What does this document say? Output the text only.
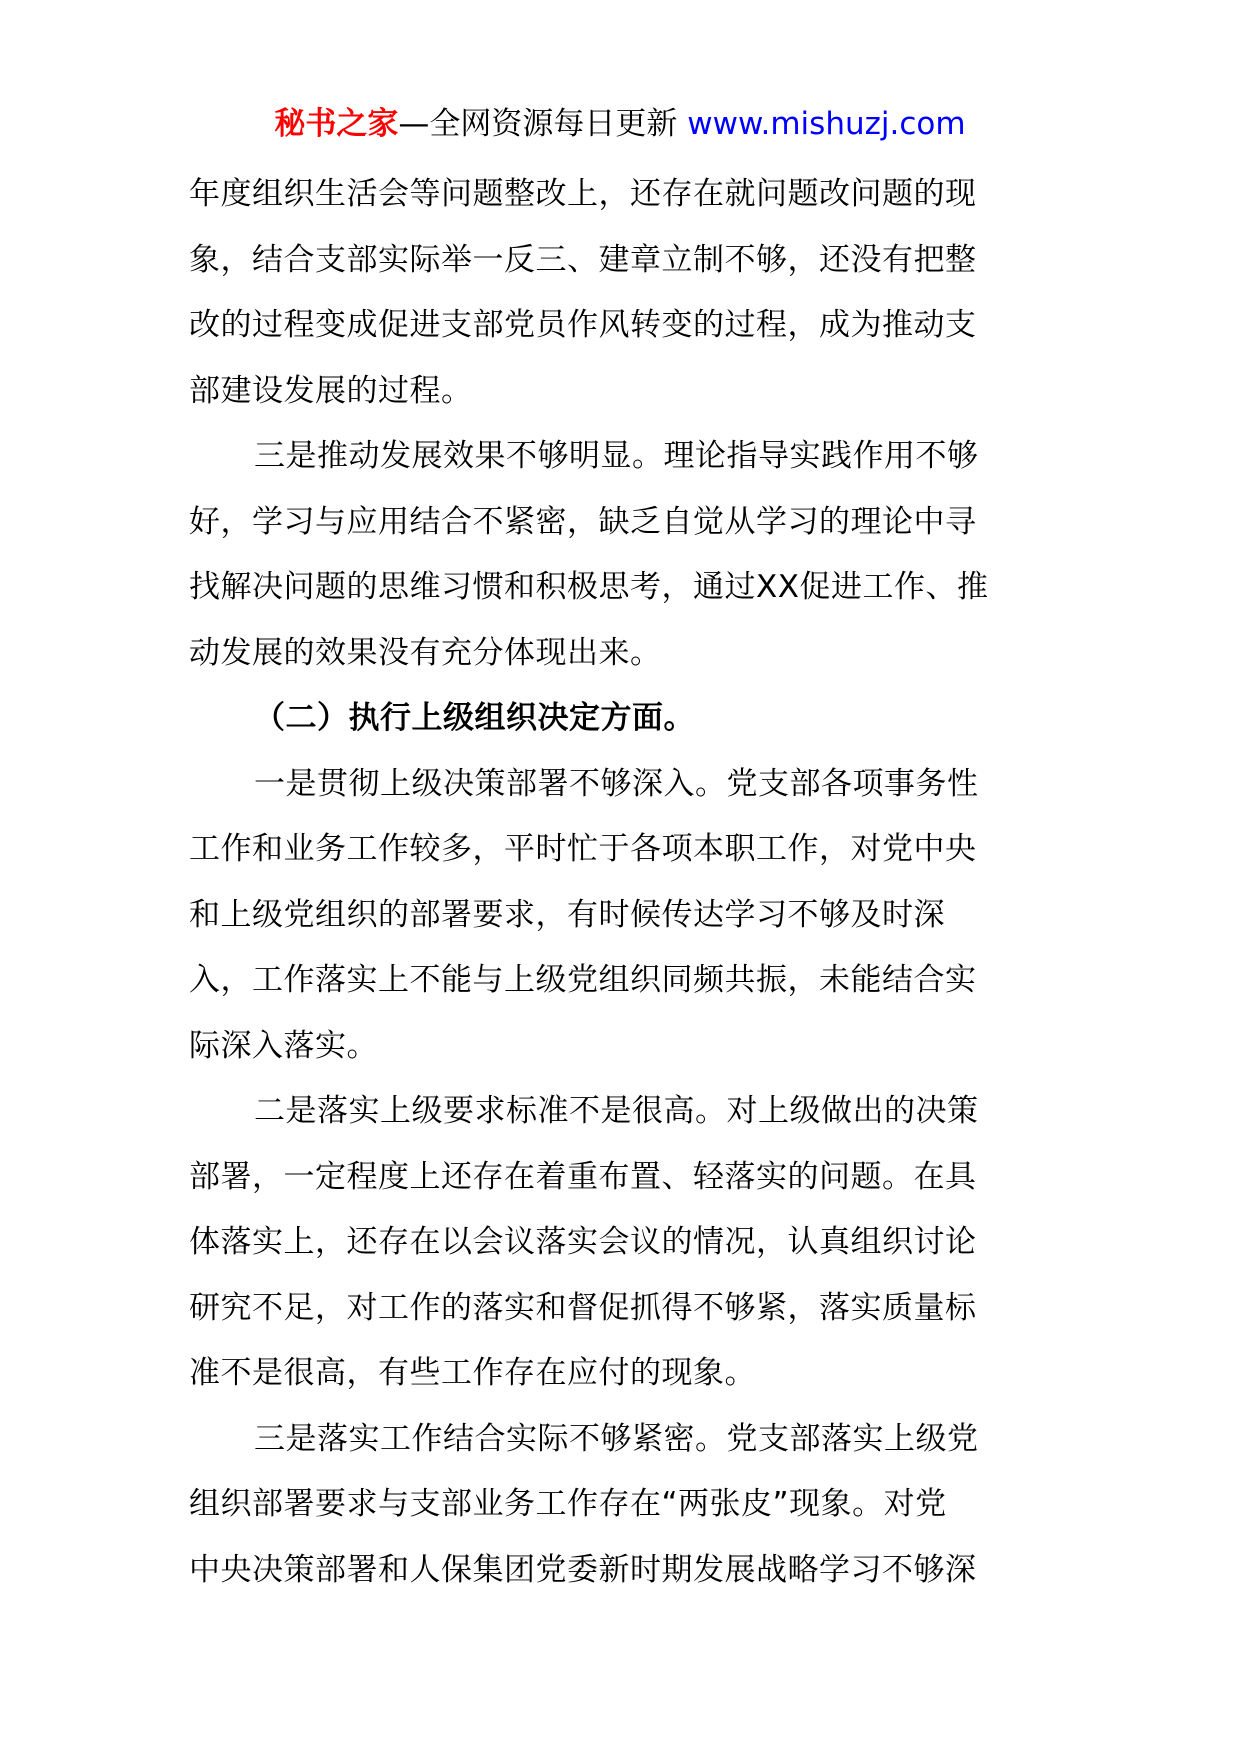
秘书之家—全网资源每日更新 www.mishuzj.com
年度组织生活会等问题整改上，还存在就问题改问题的现
象，结合支部实际举一反三、建章立制不够，还没有把整
改的过程变成促进支部党员作风转变的过程，成为推动支
部建设发展的过程。
三是推动发展效果不够明显。理论指导实践作用不够
好，学习与应用结合不紧密，缺乏自觉从学习的理论中寻
找解决问题的思维习惯和积极思考，通过XX促进工作、推
动发展的效果没有充分体现出来。
（二）执行上级组织决定方面。
一是贯彻上级决策部署不够深入。党支部各项事务性
工作和业务工作较多，平时忙于各项本职工作，对党中央
和上级党组织的部署要求，有时候传达学习不够及时深
入，工作落实上不能与上级党组织同频共振，未能结合实
际深入落实。
二是落实上级要求标准不是很高。对上级做出的决策
部署，一定程度上还存在着重布置、轻落实的问题。在具
体落实上，还存在以会议落实会议的情况，认真组织讨论
研究不足，对工作的落实和督促抓得不够紧，落实质量标
准不是很高，有些工作存在应付的现象。
三是落实工作结合实际不够紧密。党支部落实上级党
组织部署要求与支部业务工作存在“两张皮”现象。对党
中央决策部署和人保集团党委新时期发展战略学习不够深
